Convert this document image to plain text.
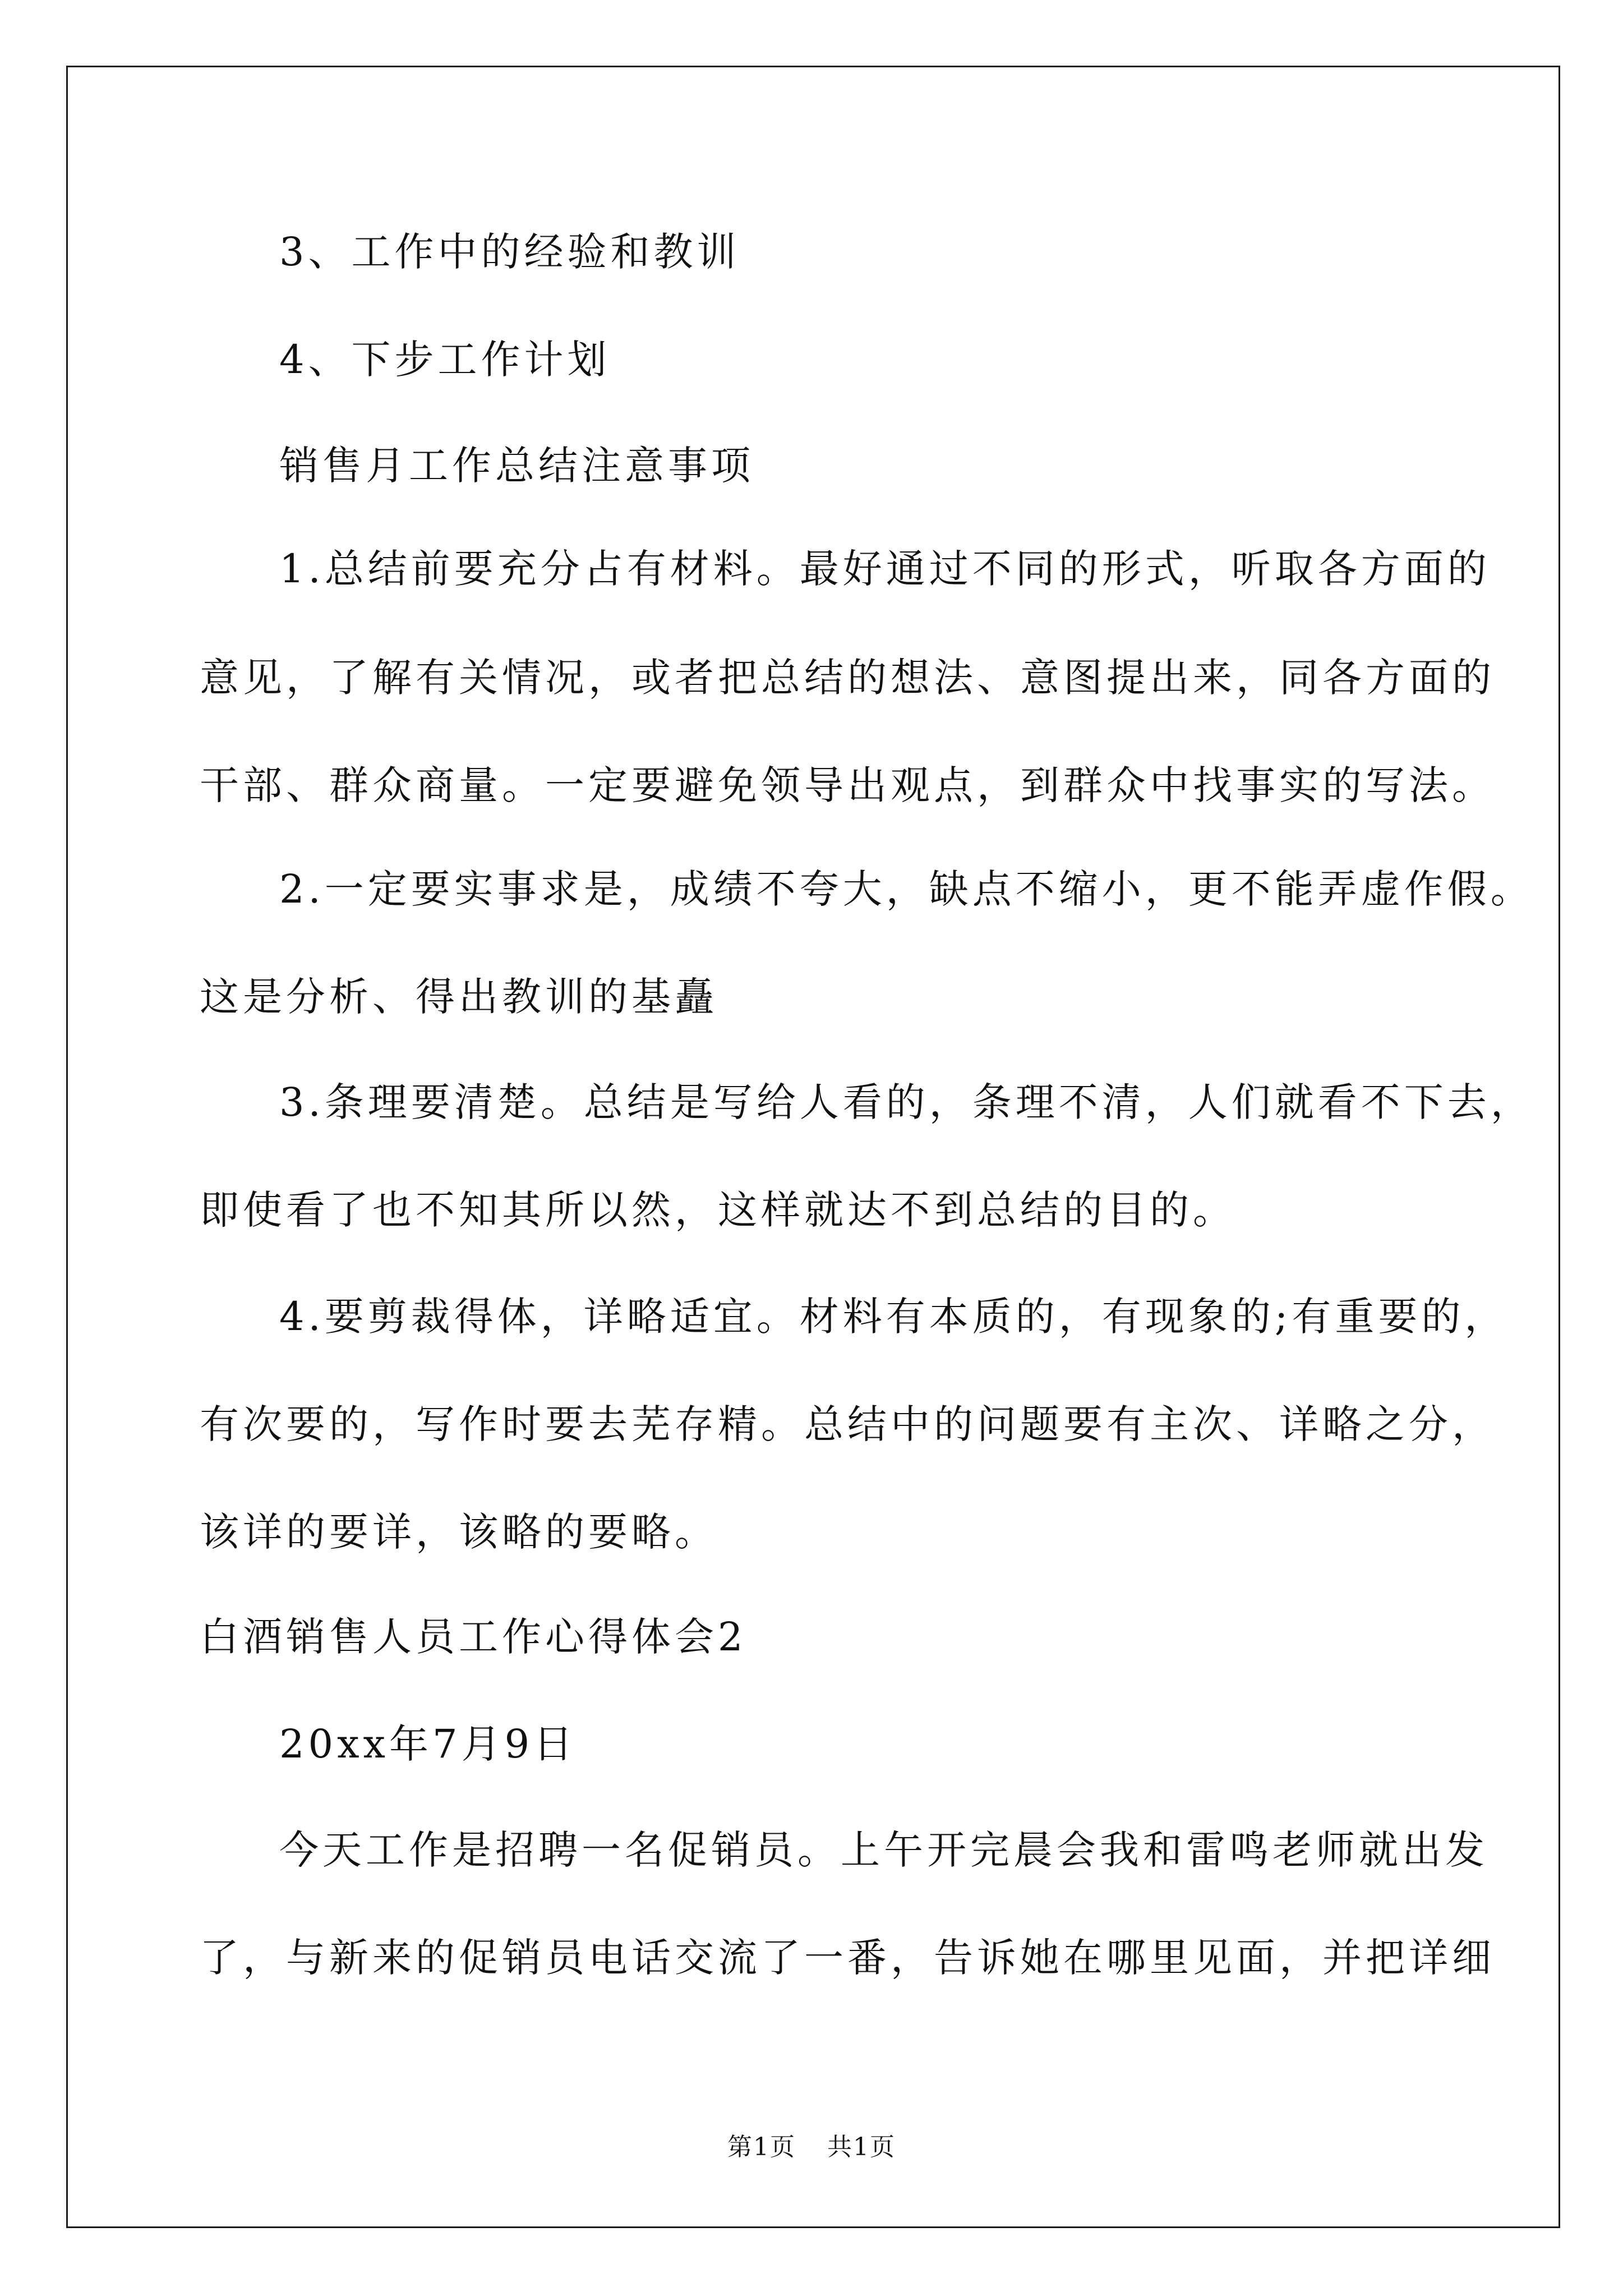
3、工作中的经验和教训
4、下步工作计划
销售月工作总结注意事项
1.总结前要充分占有材料。最好通过不同的形式，听取各方面的
意见，了解有关情况，或者把总结的想法、意图提出来，同各方面的
干部、群众商量。一定要避免领导出观点，到群众中找事实的写法。
2.一定要实事求是，成绩不夸大，缺点不缩小，更不能弄虚作假。
这是分析、得出教训的基矗
3.条理要清楚。总结是写给人看的，条理不清，人们就看不下去，
即使看了也不知其所以然，这样就达不到总结的目的。
4.要剪裁得体，详略适宜。材料有本质的，有现象的;有重要的，
有次要的，写作时要去芜存精。总结中的问题要有主次、详略之分，
该详的要详，该略的要略。
白酒销售人员工作心得体会2
20xx年7月9日
今天工作是招聘一名促销员。上午开完晨会我和雷鸣老师就出发
了，与新来的促销员电话交流了一番，告诉她在哪里见面，并把详细
第1页 共1页
